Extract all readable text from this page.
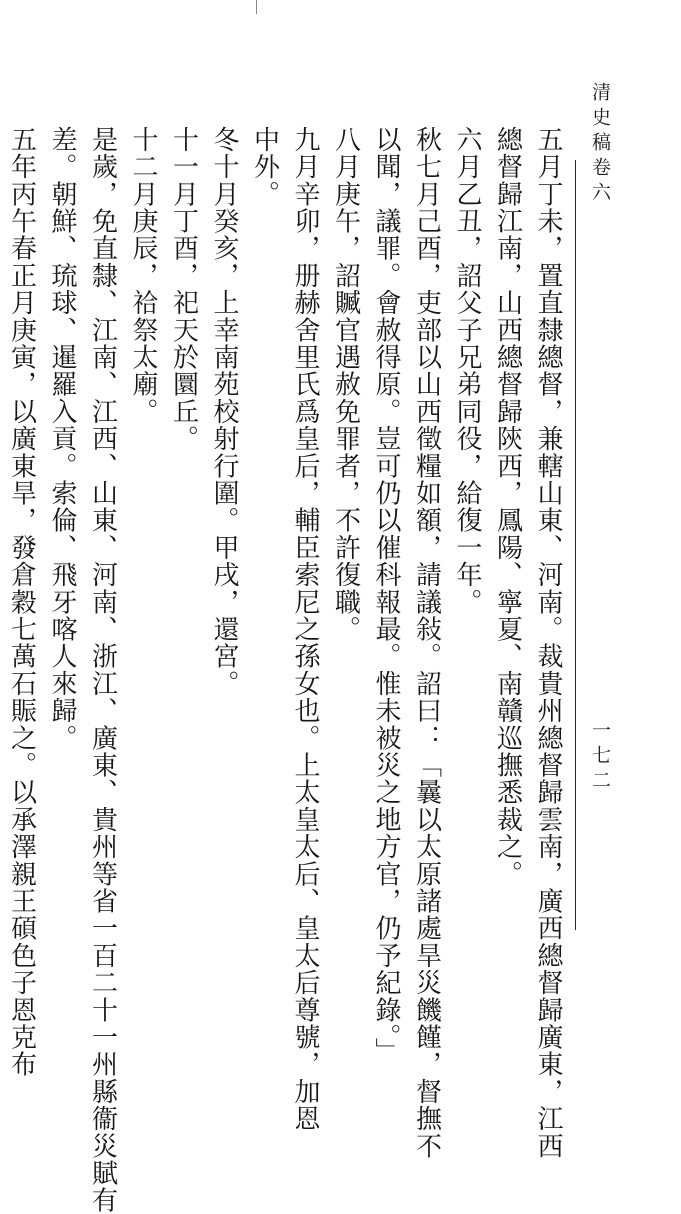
清史稿卷六
一七二
五月丁未，置直隸總督，兼轄山東、河南。裁貴州總督歸雲南，廣西總督歸廣東，江西
總督歸江南，山西總督歸陝西，鳳陽、寧夏、南贛巡撫悉裁之。
六月乙丑，詔父子兄弟同役，給復一年。
秋七月己酉，吏部以山西徵糧如額，請議敍。詔曰：「曩以太原諸處旱災饑饉，督撫不
以聞，議罪。會赦得原。豈可仍以催科報最。惟未被災之地方官，仍予紀錄。」
八月庚午，詔贓官遇赦免罪者，不許復職。
九月辛卯，册赫舍里氏爲皇后，輔臣索尼之孫女也。上太皇太后、皇太后尊號，加恩
中外。
冬十月癸亥，上幸南苑校射行圍。甲戌，還宮。
十一月丁酉，祀天於圜丘。
十二月庚辰，祫祭太廟。
是歲，免直隸、江南、江西、山東、河南、浙江、廣東、貴州等省一百二十一州縣衞災賦有
差。朝鮮、琉球、暹羅入貢。索倫、飛牙喀人來歸。
五年丙午春正月庚寅，以廣東旱，發倉穀七萬石賑之。以承澤親王碩色子恩克布
